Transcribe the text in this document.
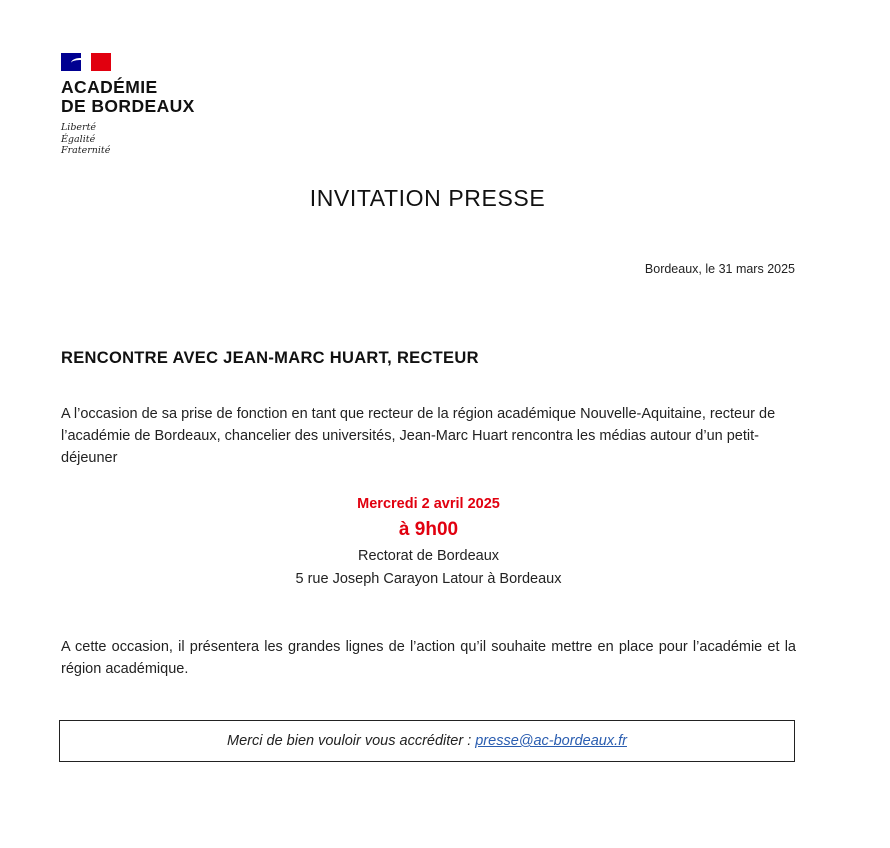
ACADÉMIE
DE BORDEAUX
Liberté
Égalité
Fraternité
INVITATION PRESSE
Bordeaux, le 31 mars 2025
RENCONTRE AVEC JEAN-MARC HUART, RECTEUR
A l’occasion de sa prise de fonction en tant que recteur de la région académique Nouvelle-Aquitaine, recteur de l’académie de Bordeaux, chancelier des universités, Jean-Marc Huart rencontra les médias autour d’un petit-déjeuner
Mercredi 2 avril 2025
à 9h00
Rectorat de Bordeaux
5 rue Joseph Carayon Latour à Bordeaux
A cette occasion, il présentera les grandes lignes de l’action qu’il souhaite mettre en place pour l’académie et la région académique.
Merci de bien vouloir vous accréditer : presse@ac-bordeaux.fr
